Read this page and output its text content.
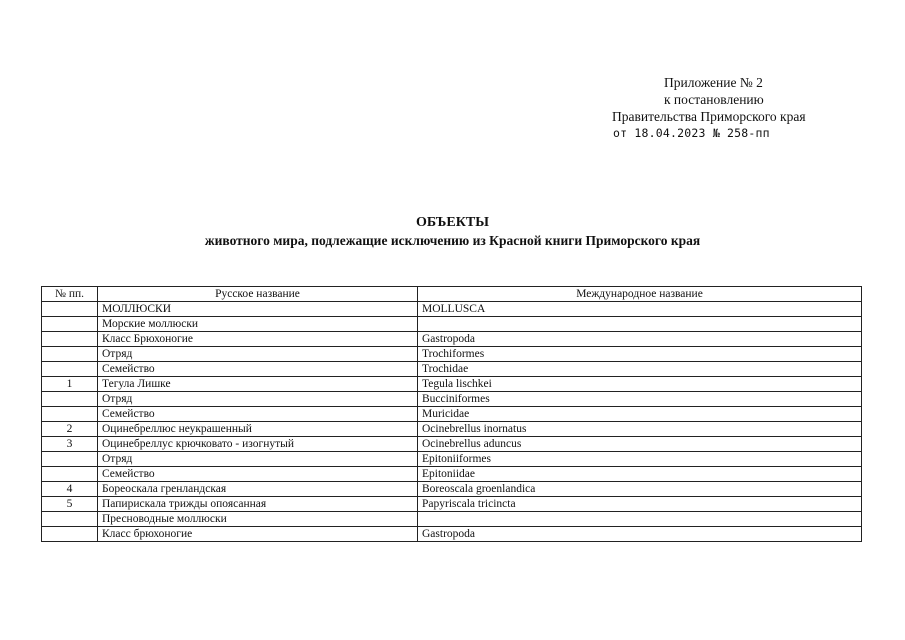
Приложение № 2
к постановлению
Правительства Приморского края
от 18.04.2023 № 258-пп
ОБЪЕКТЫ
животного мира, подлежащие исключению из Красной книги Приморского края
№ пп.	Русское название	Международное название
	МОЛЛЮСКИ	MOLLUSCA
	Морские моллюски	
	Класс Брюхоногие	Gastropoda
	Отряд	Trochiformes
	Семейство	Trochidae
1	Тегула Лишке	Tegula lischkei
	Отряд	Bucciniformes
	Семейство	Muricidae
2	Оцинебреллюс неукрашенный	Ocinebrellus inornatus
3	Оцинебреллус крючковато - изогнутый	Ocinebrellus aduncus
	Отряд	Epitoniiformes
	Семейство	Epitoniidae
4	Бореоскала гренландская	Boreoscala groenlandica
5	Папирискала трижды опоясанная	Papyriscala tricincta
	Пресноводные моллюски	
	Класс брюхоногие	Gastropoda
